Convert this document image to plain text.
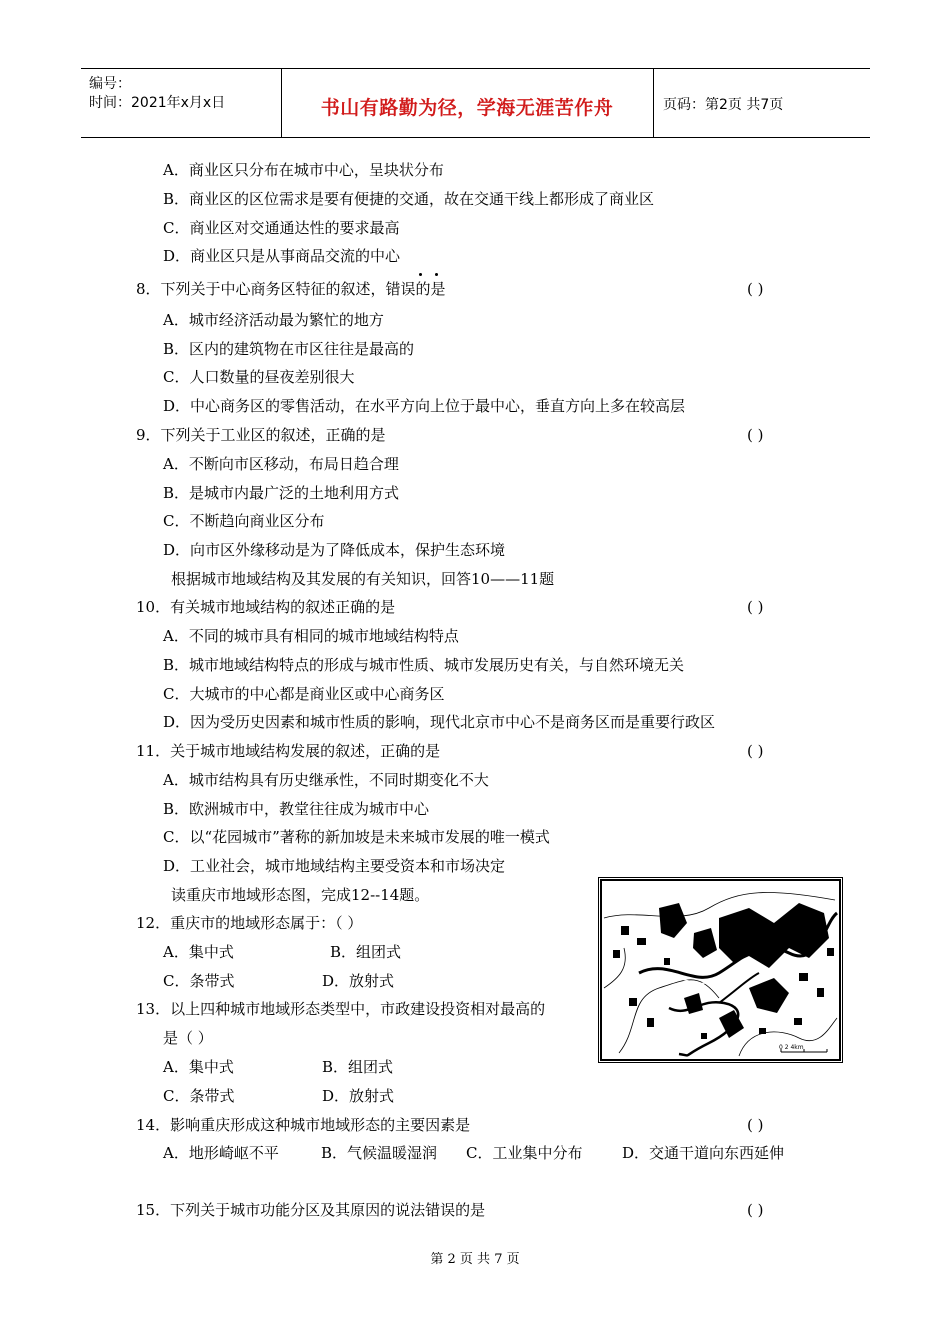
编号：
时间：2021年x月x日	书山有路勤为径，学海无涯苦作舟	页码：第2页 共7页
A．商业区只分布在城市中心，呈块状分布
B．商业区的区位需求是要有便捷的交通，故在交通干线上都形成了商业区
C．商业区对交通通达性的要求最高
D．商业区只是从事商品交流的中心
8．下列关于中心商务区特征的叙述，错误的是	( )
A．城市经济活动最为繁忙的地方
B．区内的建筑物在市区往往是最高的
C．人口数量的昼夜差别很大
D．中心商务区的零售活动，在水平方向上位于最中心，垂直方向上多在较高层
9．下列关于工业区的叙述，正确的是	( )
A．不断向市区移动，布局日趋合理
B．是城市内最广泛的土地利用方式
C．不断趋向商业区分布
D．向市区外缘移动是为了降低成本，保护生态环境
根据城市地域结构及其发展的有关知识，回答10——11题
10．有关城市地域结构的叙述正确的是	( )
A．不同的城市具有相同的城市地域结构特点
B．城市地域结构特点的形成与城市性质、城市发展历史有关，与自然环境无关
C．大城市的中心都是商业区或中心商务区
D．因为受历史因素和城市性质的影响，现代北京市中心不是商务区而是重要行政区
11．关于城市地域结构发展的叙述，正确的是	( )
A．城市结构具有历史继承性，不同时期变化不大
B．欧洲城市中，教堂往往成为城市中心
C．以“花园城市”著称的新加坡是未来城市发展的唯一模式
D．工业社会，城市地域结构主要受资本和市场决定
读重庆市地域形态图，完成12--14题。
12．重庆市的地域形态属于：（ ）
A．集中式	B．组团式
C．条带式	D．放射式
13．以上四种城市地域形态类型中，市政建设投资相对最高的
是（ ）
A．集中式	B．组团式
C．条带式	D．放射式
14．影响重庆形成这种城市地域形态的主要因素是	( )
A．地形崎岖不平	B．气候温暖湿润 C．工业集中分布	D．交通干道向东西延伸
15．下列关于城市功能分区及其原因的说法错误的是	( )
0 2 4km
第 2 页 共 7 页
